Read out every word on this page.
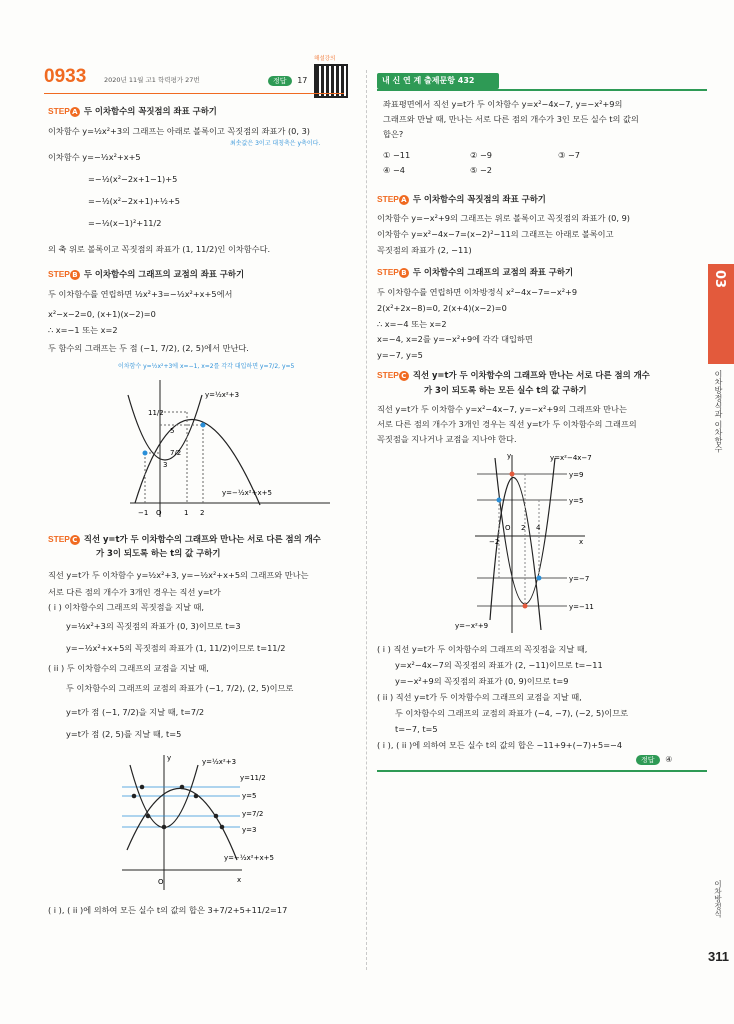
0933	2020년 11월 고1 학력평가 27번	정답 17
해설강의
STEP A 두 이차함수의 꼭짓점의 좌표 구하기
이차함수 y=½x²+3의 그래프는 아래로 볼록이고 꼭짓점의 좌표가 (0, 3)
최솟값은 3이고 대칭축은 y축이다.
이차함수 y=−½x²+x+5
=−½(x²−2x+1−1)+5
=−½(x²−2x+1)+½+5
=−½(x−1)²+11/2
의 축 위로 볼록이고 꼭짓점의 좌표가 (1, 11/2)인 이차함수다.
STEP B 두 이차함수의 그래프의 교점의 좌표 구하기
두 이차함수를 연립하면 ½x²+3=−½x²+x+5에서
x²−x−2=0, (x+1)(x−2)=0
∴ x=−1 또는 x=2
두 함수의 그래프는 두 점 (−1, 7/2), (2, 5)에서 만난다.
이차함수 y=½x²+3에 x=−1, x=2를 각각 대입하면 y=7/2, y=5
y=½x²+3
y=−½x²+x+5
11/2
5
7/2
3
−1 O	1 2
STEP C 직선 y=t가 두 이차함수의 그래프와 만나는 서로 다른 점의 개수
가 3이 되도록 하는 t의 값 구하기
직선 y=t가 두 이차함수 y=½x²+3, y=−½x²+x+5의 그래프와 만나는
서로 다른 점의 개수가 3개인 경우는 직선 y=t가
( i ) 이차함수의 그래프의 꼭짓점을 지날 때,
y=½x²+3의 꼭짓점의 좌표가 (0, 3)이므로 t=3
y=−½x²+x+5의 꼭짓점의 좌표가 (1, 11/2)이므로 t=11/2
( ii ) 두 이차함수의 그래프의 교점을 지날 때,
두 이차함수의 그래프의 교점의 좌표가 (−1, 7/2), (2, 5)이므로
y=t가 점 (−1, 7/2)을 지날 때, t=7/2
y=t가 점 (2, 5)를 지날 때, t=5
y=½x²+3
y=11/2
y=5
y=7/2
y=3
y=−½x²+x+5
O	x
y
( i ), ( ii )에 의하여 모든 실수 t의 값의 합은 3+7/2+5+11/2=17
내 신 연 계 출제문항 432
좌표평면에서 직선 y=t가 두 이차함수 y=x²−4x−7, y=−x²+9의
그래프와 만날 때, 만나는 서로 다른 점의 개수가 3인 모든 실수 t의 값의
합은?
① −11	② −9	③ −7
④ −4	⑤ −2
STEP A 두 이차함수의 꼭짓점의 좌표 구하기
이차함수 y=−x²+9의 그래프는 위로 볼록이고 꼭짓점의 좌표가 (0, 9)
이차함수 y=x²−4x−7=(x−2)²−11의 그래프는 아래로 볼록이고
꼭짓점의 좌표가 (2, −11)
STEP B 두 이차함수의 그래프의 교점의 좌표 구하기
두 이차함수를 연립하면 이차방정식 x²−4x−7=−x²+9
2(x²+2x−8)=0, 2(x+4)(x−2)=0
∴ x=−4 또는 x=2
x=−4, x=2를 y=−x²+9에 각각 대입하면
y=−7, y=5
STEP C 직선 y=t가 두 이차함수의 그래프와 만나는 서로 다른 점의 개수
가 3이 되도록 하는 모든 실수 t의 값 구하기
직선 y=t가 두 이차함수 y=x²−4x−7, y=−x²+9의 그래프와 만나는
서로 다른 점의 개수가 3개인 경우는 직선 y=t가 두 이차함수의 그래프의
꼭짓점을 지나거나 교점을 지나야 한다.
y	y=x²−4x−7
y=9
y=5
O 2 4
−2	x
y=−7
y=−11
y=−x²+9
( i ) 직선 y=t가 두 이차함수의 그래프의 꼭짓점을 지날 때,
y=x²−4x−7의 꼭짓점의 좌표가 (2, −11)이므로 t=−11
y=−x²+9의 꼭짓점의 좌표가 (0, 9)이므로 t=9
( ii ) 직선 y=t가 두 이차함수의 그래프의 교점을 지날 때,
두 이차함수의 그래프의 교점의 좌표가 (−4, −7), (−2, 5)이므로
t=−7, t=5
( i ), ( ii )에 의하여 모든 실수 t의 값의 합은 −11+9+(−7)+5=−4
정답 ④
03
이차방정식과 이차함수
이차방정식
311
